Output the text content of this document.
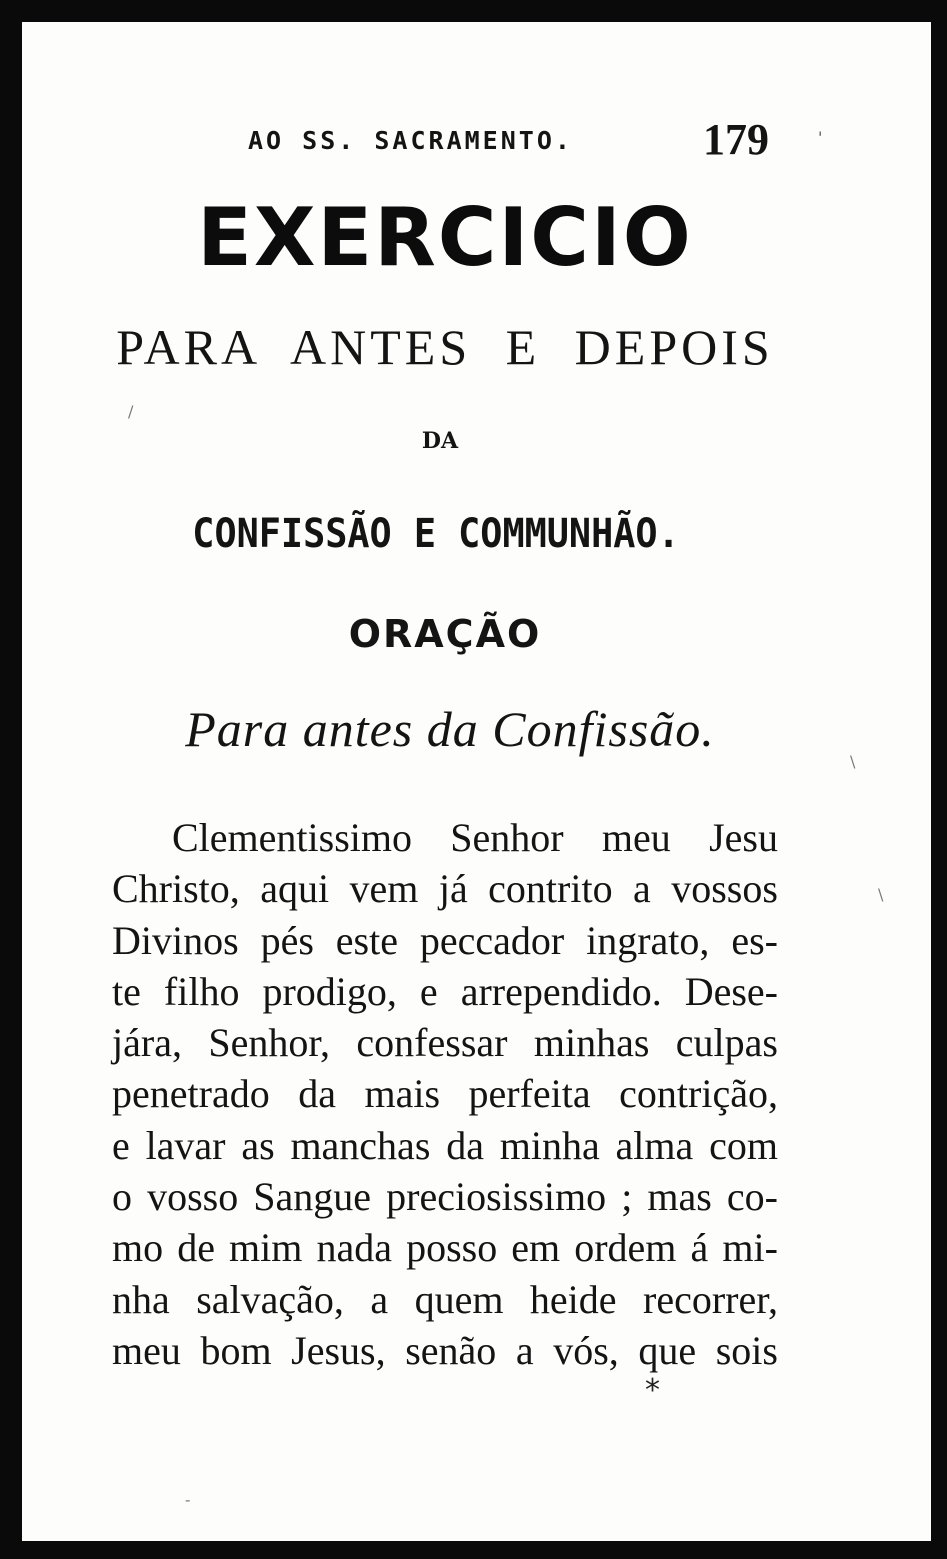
AO SS. SACRAMENTO.	179	'
EXERCICIO
PARA ANTES E DEPOIS
DA
CONFISSÃO E COMMUNHÃO.
ORAÇÃO
Para antes da Confissão.
Clementissimo Senhor meu Jesu
Christo, aqui vem já contrito a vossos
Divinos pés este peccador ingrato, es-
te filho prodigo, e arrependido. Dese-
jára, Senhor, confessar minhas culpas
penetrado da mais perfeita contrição,
e lavar as manchas da minha alma com
o vosso Sangue preciosissimo ; mas co-
mo de mim nada posso em ordem á mi-
nha salvação, a quem heide recorrer,
meu bom Jesus, senão a vós, que sois
*
/
\
\
-
